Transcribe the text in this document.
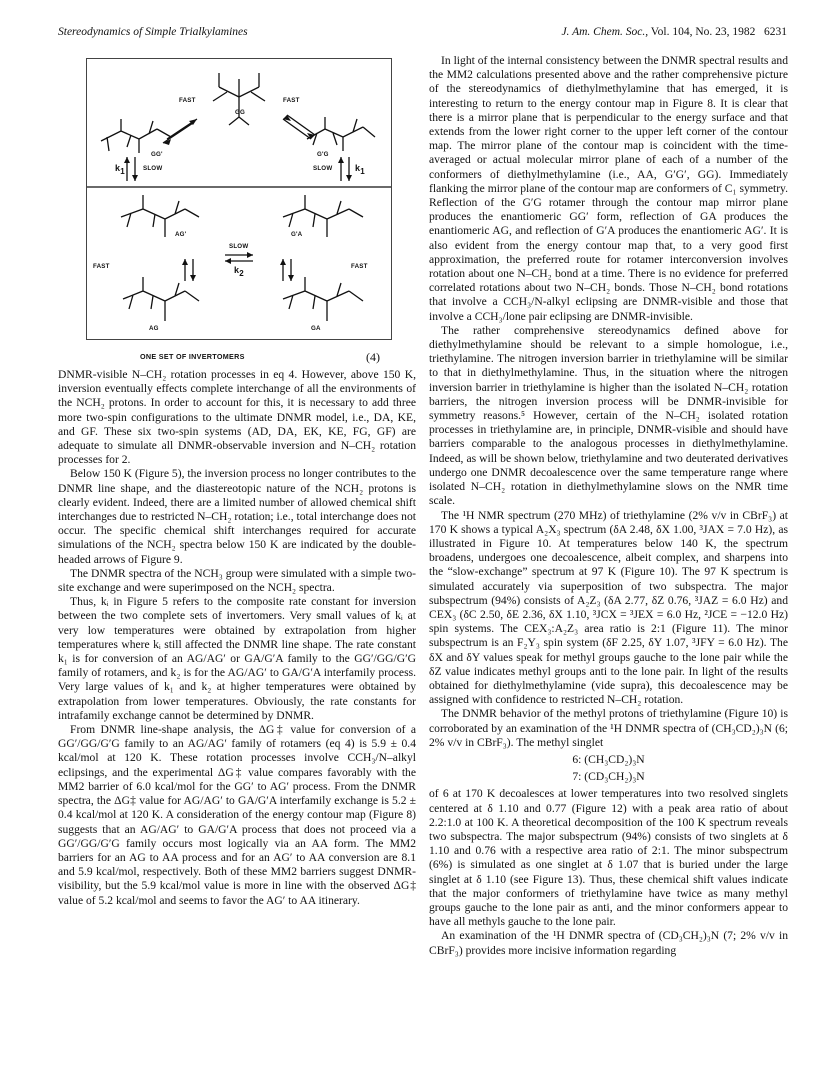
Stereodynamics of Simple Trialkylamines	J. Am. Chem. Soc., Vol. 104, No. 23, 1982 6231
FAST	FAST
GG
GG'	G'G
$k_1$	SLOW	SLOW	$k_1$
AG'	G'A
SLOW
$k_2$
FAST	FAST
AG	GA
ONE SET OF INVERTOMERS	(4)

DNMR-visible N–CH₂ rotation processes in eq 4. However, above 150 K, inversion eventually effects complete interchange of all the environments of the NCH₂ protons. In order to account for this, it is necessary to add three more two-spin configurations to the ultimate DNMR model, i.e., DA, KE, and GF. These six two-spin systems (AD, DA, EK, KE, FG, GF) are adequate to simulate all DNMR-observable inversion and N–CH₂ rotation processes for 2.

Below 150 K (Figure 5), the inversion process no longer contributes to the DNMR line shape, and the diastereotopic nature of the NCH₂ protons is clearly evident. Indeed, there are a limited number of allowed chemical shift interchanges due to restricted N–CH₂ rotation; i.e., total interchange does not occur. The specific chemical shift interchanges required for accurate simulations of the NCH₂ spectra below 150 K are indicated by the double-headed arrows of Figure 9.

The DNMR spectra of the NCH₃ group were simulated with a simple two-site exchange and were superimposed on the NCH₂ spectra.

Thus, kᵢ in Figure 5 refers to the composite rate constant for inversion between the two complete sets of invertomers. Very small values of kᵢ at very low temperatures were obtained by extrapolation from higher temperatures where kᵢ still affected the DNMR line shape. The rate constant k₁ is for conversion of an AG/AG′ or GA/G′A family to the GG′/GG/G′G family of rotamers, and k₂ is for the AG/AG′ to GA/G′A interfamily process. Very large values of k₁ and k₂ at higher temperatures were obtained by extrapolation from lower temperatures. Obviously, the rate constants for intrafamily exchange cannot be determined by DNMR.

From DNMR line-shape analysis, the ΔG‡ value for conversion of a GG′/GG/G′G family to an AG/AG′ family of rotamers (eq 4) is 5.9 ± 0.4 kcal/mol at 120 K. These rotation processes involve CCH₃/N–alkyl eclipsings, and the experimental ΔG‡ value compares favorably with the MM2 barrier of 6.0 kcal/mol for the GG′ to AG′ process. From the DNMR spectra, the ΔG‡ value for AG/AG′ to GA/G′A interfamily exchange is 5.2 ± 0.4 kcal/mol at 120 K. A consideration of the energy contour map (Figure 8) suggests that an AG/AG′ to GA/G′A process that does not proceed via a GG′/GG/G′G family occurs most logically via an AA form. The MM2 barriers for an AG to AA process and for an AG′ to AA conversion are 8.1 and 5.9 kcal/mol, respectively. Both of these MM2 barriers suggest DNMR-visibility, but the 5.9 kcal/mol value is more in line with the observed ΔG‡ value of 5.2 kcal/mol and seems to favor the AG′ to AA itinerary.

In light of the internal consistency between the DNMR spectral results and the MM2 calculations presented above and the rather comprehensive picture of the stereodynamics of diethylmethylamine that has emerged, it is interesting to return to the energy contour map in Figure 8. It is clear that there is a mirror plane that is perpendicular to the energy surface and that extends from the lower right corner to the upper left corner of the contour map. The mirror plane of the contour map is coincident with the time-averaged or actual molecular mirror plane of each of a number of the conformers of diethylmethylamine (i.e., AA, G′G′, GG). Immediately flanking the mirror plane of the contour map are conformers of C₁ symmetry. Reflection of the G′G rotamer through the contour map mirror plane produces the enantiomeric GG′ form, reflection of GA produces the enantiomeric AG, and reflection of G′A produces the enantiomeric AG′. It is also evident from the energy contour map that, to a very good first approximation, the preferred route for rotamer interconversion involves rotation about one N–CH₂ bond at a time. There is no evidence for preferred correlated rotations about two N–CH₂ bonds. Those N–CH₂ bond rotations that involve a CCH₃/N-alkyl eclipsing are DNMR-visible and those that involve a CCH₃/lone pair eclipsing are DNMR-invisible.

The rather comprehensive stereodynamics defined above for diethylmethylamine should be relevant to a simple homologue, i.e., triethylamine. The nitrogen inversion barrier in triethylamine will be similar to that in diethylmethylamine. Thus, in the situation where the nitrogen inversion barrier in triethylamine is higher than the isolated N–CH₂ rotation barriers, the nitrogen inversion process will be DNMR-invisible for symmetry reasons.⁵ However, certain of the N–CH₂ isolated rotation processes in triethylamine are, in principle, DNMR-visible and should have barriers comparable to the analogous processes in diethylmethylamine. Indeed, as will be shown below, triethylamine and two deuterated derivatives undergo one DNMR decoalescence over the same temperature range where isolated N–CH₂ rotation in diethylmethylamine slows on the NMR time scale.

The ¹H NMR spectrum (270 MHz) of triethylamine (2% v/v in CBrF₃) at 170 K shows a typical A₂X₃ spectrum (δA 2.48, δX 1.00, ³JAX = 7.0 Hz), as illustrated in Figure 10. At temperatures below 140 K, the spectrum broadens, undergoes one decoalescence, albeit complex, and sharpens into the “slow-exchange” spectrum at 97 K (Figure 10). The 97 K spectrum is simulated accurately via superposition of two subspectra. The major subspectrum (94%) consists of A₂Z₃ (δA 2.77, δZ 0.76, ³JAZ = 6.0 Hz) and CEX₃ (δC 2.50, δE 2.36, δX 1.10, ³JCX = ³JEX = 6.0 Hz, ²JCE = −12.0 Hz) spin systems. The CEX₃:A₂Z₃ area ratio is 2:1 (Figure 11). The minor subspectrum is an F₂Y₃ spin system (δF 2.25, δY 1.07, ³JFY = 6.0 Hz). The δX and δY values speak for methyl groups gauche to the lone pair while the δZ value indicates methyl groups anti to the lone pair. In light of the results obtained for diethylmethylamine (vide supra), this decoalescence may be assigned with confidence to restricted N–CH₂ rotation.

The DNMR behavior of the methyl protons of triethylamine (Figure 10) is corroborated by an examination of the ¹H DNMR spectra of (CH₃CD₂)₃N (6; 2% v/v in CBrF₃). The methyl singlet

6: (CH₃CD₂)₃N

7: (CD₃CH₂)₃N

of 6 at 170 K decoalesces at lower temperatures into two resolved singlets centered at δ 1.10 and 0.77 (Figure 12) with a peak area ratio of about 2.2:1.0 at 100 K. A theoretical decomposition of the 100 K spectrum reveals two subspectra. The major subspectrum (94%) consists of two singlets at δ 1.10 and 0.76 with a respective area ratio of 2:1. The minor subspectrum (6%) is simulated as one singlet at δ 1.07 that is buried under the large singlet at δ 1.10 (see Figure 13). Thus, these chemical shift values indicate that the major conformers of triethylamine have twice as many methyl groups gauche to the lone pair as anti, and the minor conformers appear to have all methyls gauche to the lone pair.

An examination of the ¹H DNMR spectra of (CD₃CH₂)₃N (7; 2% v/v in CBrF₃) provides more incisive information regarding
